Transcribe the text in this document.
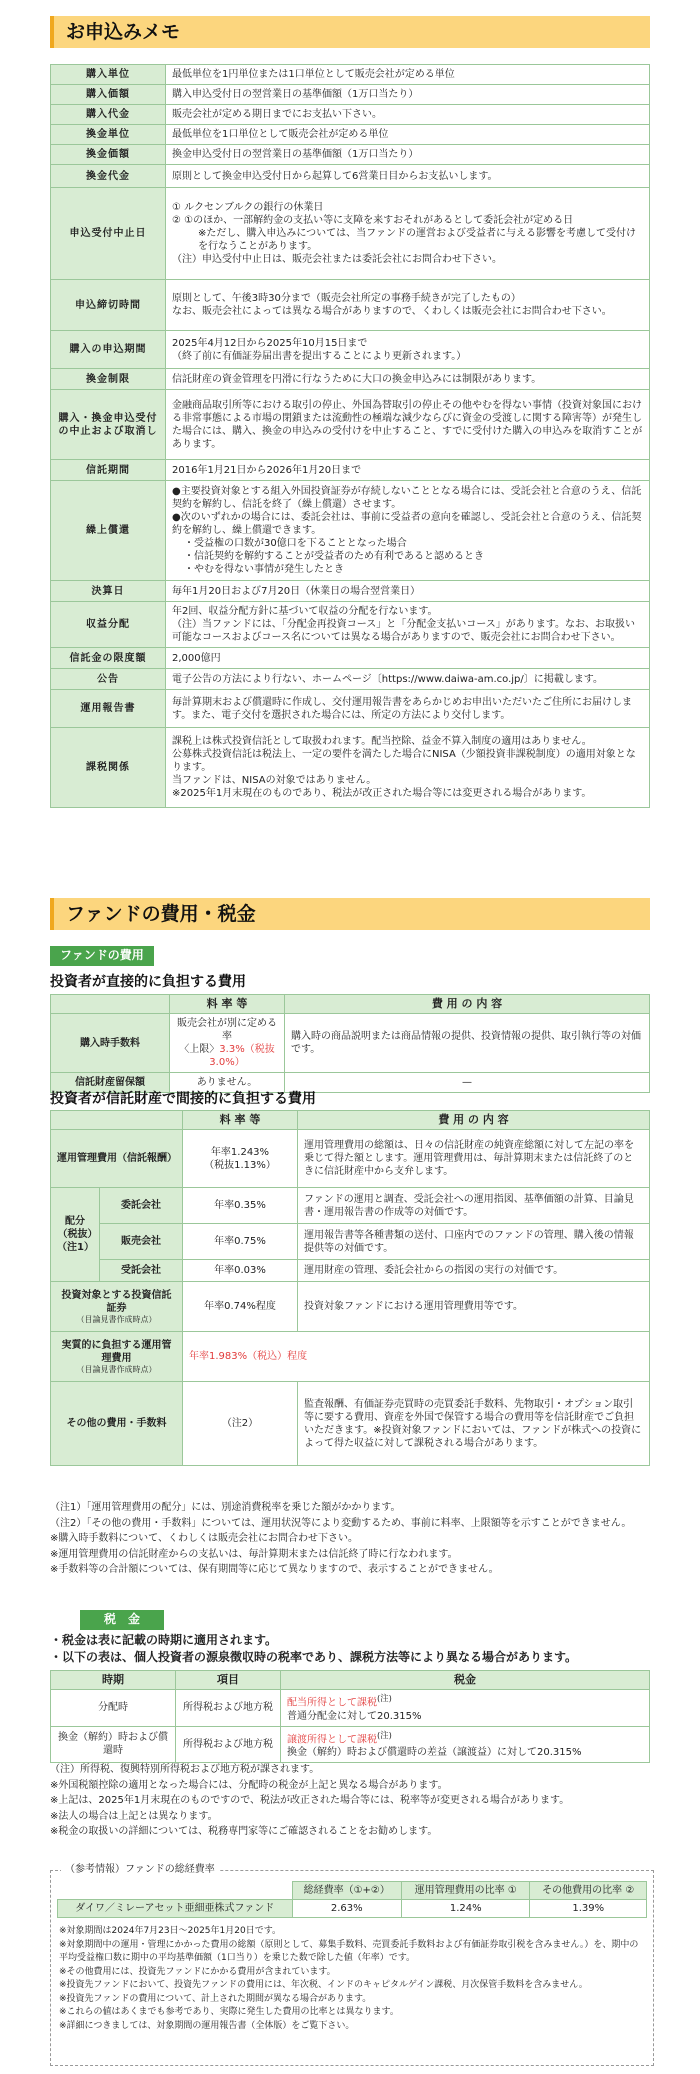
お申込みメモ
購入単位	最低単位を1円単位または1口単位として販売会社が定める単位

購入価額	購入申込受付日の翌営業日の基準価額（1万口当たり）

購入代金	販売会社が定める期日までにお支払い下さい。

換金単位	最低単位を1口単位として販売会社が定める単位

換金価額	換金申込受付日の翌営業日の基準価額（1万口当たり）

換金代金	原則として換金申込受付日から起算して6営業日目からお支払いします。

申込受付中止日	① ルクセンブルクの銀行の休業日
② ①のほか、一部解約金の支払い等に支障を来すおそれがあるとして委託会社が定める日
※ただし、購入申込みについては、当ファンドの運営および受益者に与える影響を考慮して受付けを行なうことがあります。
（注）申込受付中止日は、販売会社または委託会社にお問合わせ下さい。

申込締切時間	原則として、午後3時30分まで（販売会社所定の事務手続きが完了したもの）
なお、販売会社によっては異なる場合がありますので、くわしくは販売会社にお問合わせ下さい。

購入の申込期間	2025年4月12日から2025年10月15日まで
（終了前に有価証券届出書を提出することにより更新されます。）

換金制限	信託財産の資金管理を円滑に行なうために大口の換金申込みには制限があります。

購入・換金申込受付の中止および取消し	金融商品取引所等における取引の停止、外国為替取引の停止その他やむを得ない事情（投資対象国における非常事態による市場の閉鎖または流動性の極端な減少ならびに資金の受渡しに関する障害等）が発生した場合には、購入、換金の申込みの受付けを中止すること、すでに受付けた購入の申込みを取消すことがあります。

信託期間	2016年1月21日から2026年1月20日まで

繰上償還	●主要投資対象とする組入外国投資証券が存続しないこととなる場合には、受託会社と合意のうえ、信託契約を解約し、信託を終了（繰上償還）させます。
●次のいずれかの場合には、委託会社は、事前に受益者の意向を確認し、受託会社と合意のうえ、信託契約を解約し、繰上償還できます。
・受益権の口数が30億口を下ることとなった場合
・信託契約を解約することが受益者のため有利であると認めるとき
・やむを得ない事情が発生したとき

決算日	毎年1月20日および7月20日（休業日の場合翌営業日）

収益分配	年2回、収益分配方針に基づいて収益の分配を行ないます。
（注）当ファンドには、「分配金再投資コース」と「分配金支払いコース」があります。なお、お取扱い可能なコースおよびコース名については異なる場合がありますので、販売会社にお問合わせ下さい。

信託金の限度額	2,000億円

公告	電子公告の方法により行ない、ホームページ〔https://www.daiwa-am.co.jp/〕に掲載します。

運用報告書	毎計算期末および償還時に作成し、交付運用報告書をあらかじめお申出いただいたご住所にお届けします。また、電子交付を選択された場合には、所定の方法により交付します。

課税関係	課税上は株式投資信託として取扱われます。配当控除、益金不算入制度の適用はありません。
公募株式投資信託は税法上、一定の要件を満たした場合にNISA（少額投資非課税制度）の適用対象となります。
当ファンドは、NISAの対象ではありません。
※2025年1月末現在のものであり、税法が改正された場合等には変更される場合があります。
ファンドの費用・税金
ファンドの費用
投資者が直接的に負担する費用
	料 率 等	費 用 の 内 容
購入時手数料	販売会社が別に定める率
〈上限〉3.3%（税抜3.0%）	購入時の商品説明または商品情報の提供、投資情報の提供、取引執行等の対価です。
信託財産留保額	ありません。	—
投資者が信託財産で間接的に負担する費用
		料 率 等	費 用 の 内 容
運用管理費用（信託報酬）		年率1.243%
（税抜1.13%）	運用管理費用の総額は、日々の信託財産の純資産総額に対して左記の率を乗じて得た額とします。運用管理費用は、毎計算期末または信託終了のときに信託財産中から支弁します。
配分（税抜）（注1）	委託会社	年率0.35%	ファンドの運用と調査、受託会社への運用指図、基準価額の計算、目論見書・運用報告書の作成等の対価です。
	販売会社	年率0.75%	運用報告書等各種書類の送付、口座内でのファンドの管理、購入後の情報提供等の対価です。
	受託会社	年率0.03%	運用財産の管理、委託会社からの指図の実行の対価です。

投資対象とする投資信託証券
（目論見書作成時点）		年率0.74%程度	投資対象ファンドにおける運用管理費用等です。

実質的に負担する運用管理費用
（目論見書作成時点）		年率1.983%（税込）程度	
その他の費用・手数料		（注2）	監査報酬、有価証券売買時の売買委託手数料、先物取引・オプション取引等に要する費用、資産を外国で保管する場合の費用等を信託財産でご負担いただきます。※投資対象ファンドにおいては、ファンドが株式への投資によって得た収益に対して課税される場合があります。
（注1）「運用管理費用の配分」には、別途消費税率を乗じた額がかかります。
（注2）「その他の費用・手数料」については、運用状況等により変動するため、事前に料率、上限額等を示すことができません。
※購入時手数料について、くわしくは販売会社にお問合わせ下さい。
※運用管理費用の信託財産からの支払いは、毎計算期末または信託終了時に行なわれます。
※手数料等の合計額については、保有期間等に応じて異なりますので、表示することができません。
税　金
・税金は表に記載の時期に適用されます。
・以下の表は、個人投資者の源泉徴収時の税率であり、課税方法等により異なる場合があります。
時期	項目	税金
分配時	所得税および地方税	配当所得として課税$^{(注)}$
普通分配金に対して20.315%

換金（解約）時および償還時	所得税および地方税	譲渡所得として課税$^{(注)}$
換金（解約）時および償還時の差益（譲渡益）に対して20.315%
（注）所得税、復興特別所得税および地方税が課されます。
※外国税額控除の適用となった場合には、分配時の税金が上記と異なる場合があります。
※上記は、2025年1月末現在のものですので、税法が改正された場合等には、税率等が変更される場合があります。
※法人の場合は上記とは異なります。
※税金の取扱いの詳細については、税務専門家等にご確認されることをお勧めします。
（参考情報）ファンドの総経費率
	総経費率（①+②）	運用管理費用の比率 ①	その他費用の比率 ②
ダイワ／ミレーアセット亜細亜株式ファンド	2.63%	1.24%	1.39%
※対象期間は2024年7月23日～2025年1月20日です。
※対象期間中の運用・管理にかかった費用の総額（原則として、募集手数料、売買委託手数料および有価証券取引税を含みません。）を、期中の平均受益権口数に期中の平均基準価額（1口当り）を乗じた数で除した値（年率）です。
※その他費用には、投資先ファンドにかかる費用が含まれています。
※投資先ファンドにおいて、投資先ファンドの費用には、年次税、インドのキャピタルゲイン課税、月次保管手数料を含みません。
※投資先ファンドの費用について、計上された期間が異なる場合があります。
※これらの値はあくまでも参考であり、実際に発生した費用の比率とは異なります。
※詳細につきましては、対象期間の運用報告書（全体版）をご覧下さい。
